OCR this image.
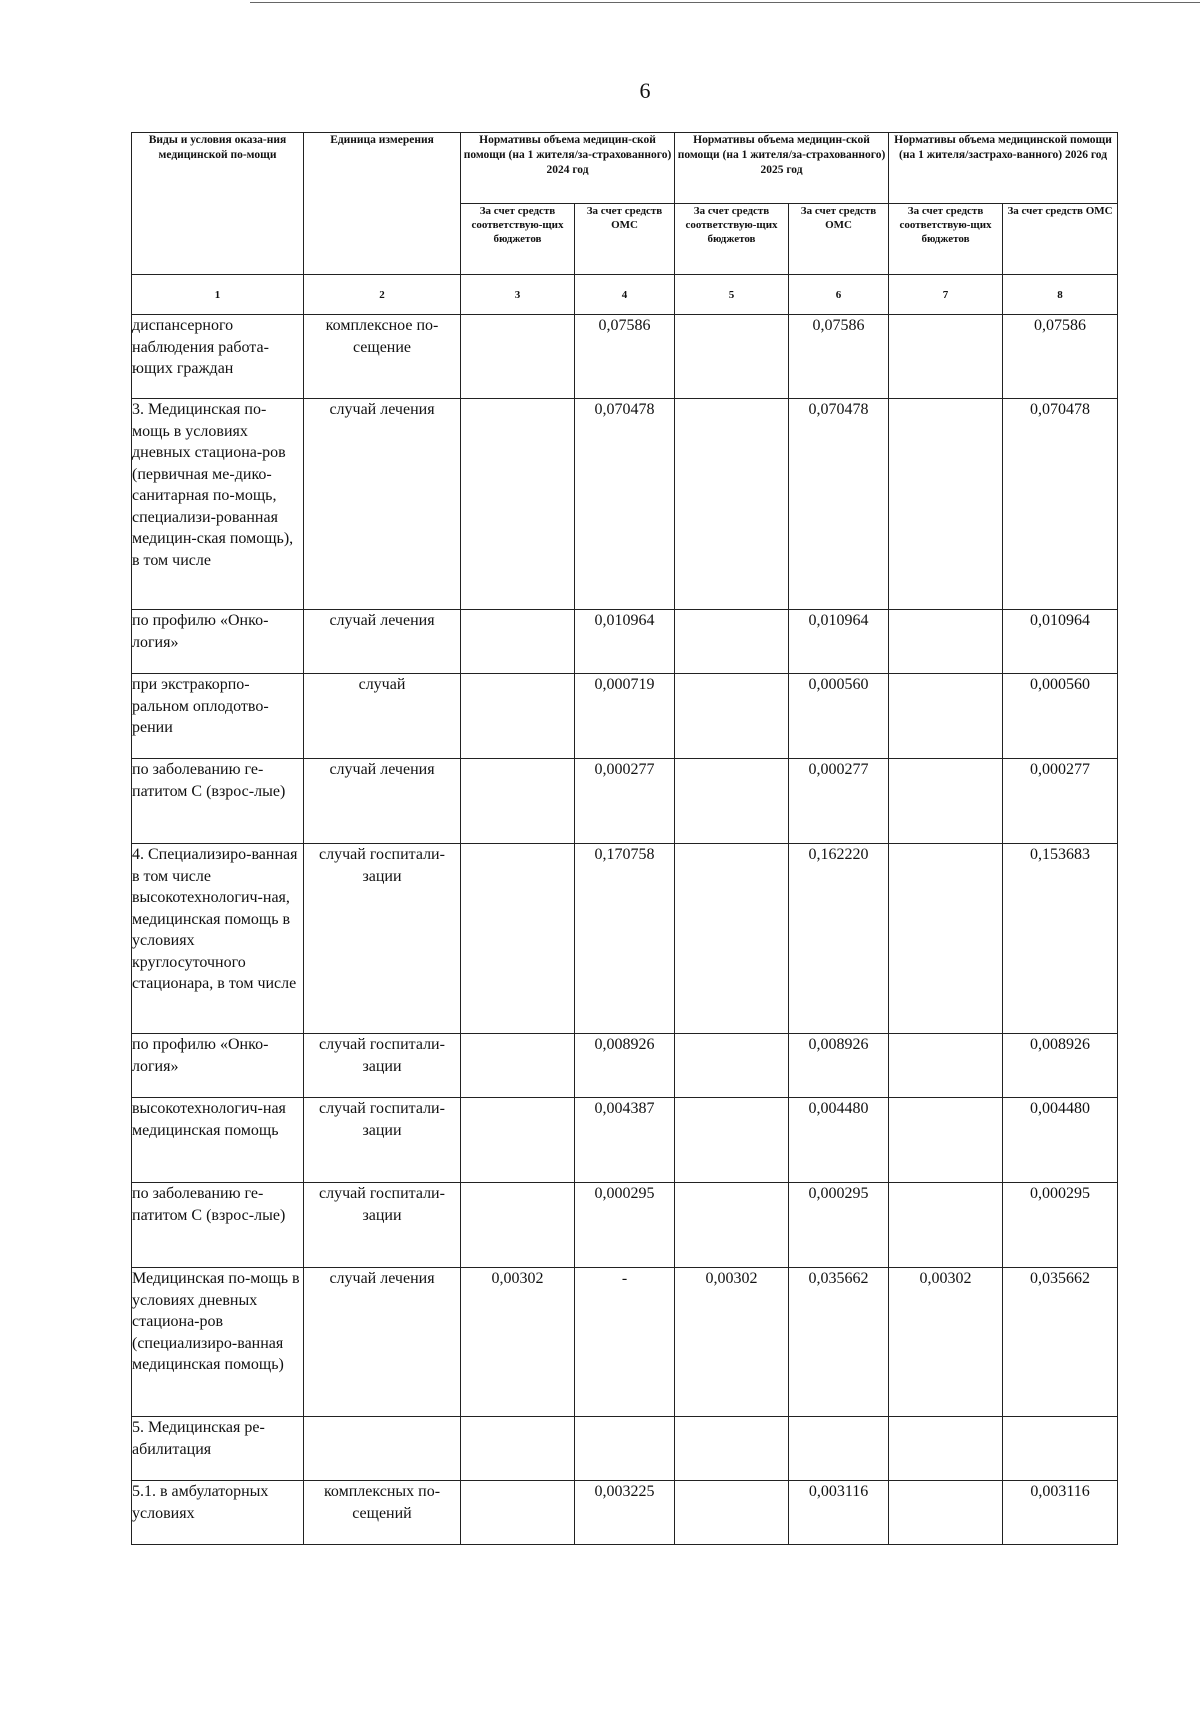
6
Виды и условия оказа-ния медицинской по-мощи	Единица измерения	Нормативы объема медицин-ской помощи (на 1 жителя/за-страхованного) 2024 год		Нормативы объема медицин-ской помощи (на 1 жителя/за-страхованного) 2025 год		Нормативы объема медицинской помощи (на 1 жителя/застрахо-ванного) 2026 год	
		За счет средств соответствую-щих бюджетов	За счет средств ОМС	За счет средств соответствую-щих бюджетов	За счет средств ОМС	За счет средств соответствую-щих бюджетов	За счет средств ОМС
1	2	3	4	5	6	7	8
диспансерного наблюдения работа-ющих граждан	комплексное по-сещение		0,07586		0,07586		0,07586
3. Медицинская по-мощь в условиях дневных стациона-ров (первичная ме-дико-санитарная по-мощь, специализи-рованная медицин-ская помощь), в том числе	случай лечения		0,070478		0,070478		0,070478
по профилю «Онко-логия»	случай лечения		0,010964		0,010964		0,010964
при экстракорпо-ральном оплодотво-рении	случай		0,000719		0,000560		0,000560
по заболеванию ге-патитом С (взрос-лые)	случай лечения		0,000277		0,000277		0,000277
4. Специализиро-ванная в том числе высокотехнологич-ная, медицинская помощь в условиях круглосуточного стационара, в том числе	случай госпитали-зации		0,170758		0,162220		0,153683
по профилю «Онко-логия»	случай госпитали-зации		0,008926		0,008926		0,008926
высокотехнологич-ная медицинская помощь	случай госпитали-зации		0,004387		0,004480		0,004480
по заболеванию ге-патитом С (взрос-лые)	случай госпитали-зации		0,000295		0,000295		0,000295
Медицинская по-мощь в условиях дневных стациона-ров (специализиро-ванная медицинская помощь)	случай лечения	0,00302	-	0,00302	0,035662	0,00302	0,035662
5. Медицинская ре-абилитация							
5.1. в амбулаторных условиях	комплексных по-сещений		0,003225		0,003116		0,003116
